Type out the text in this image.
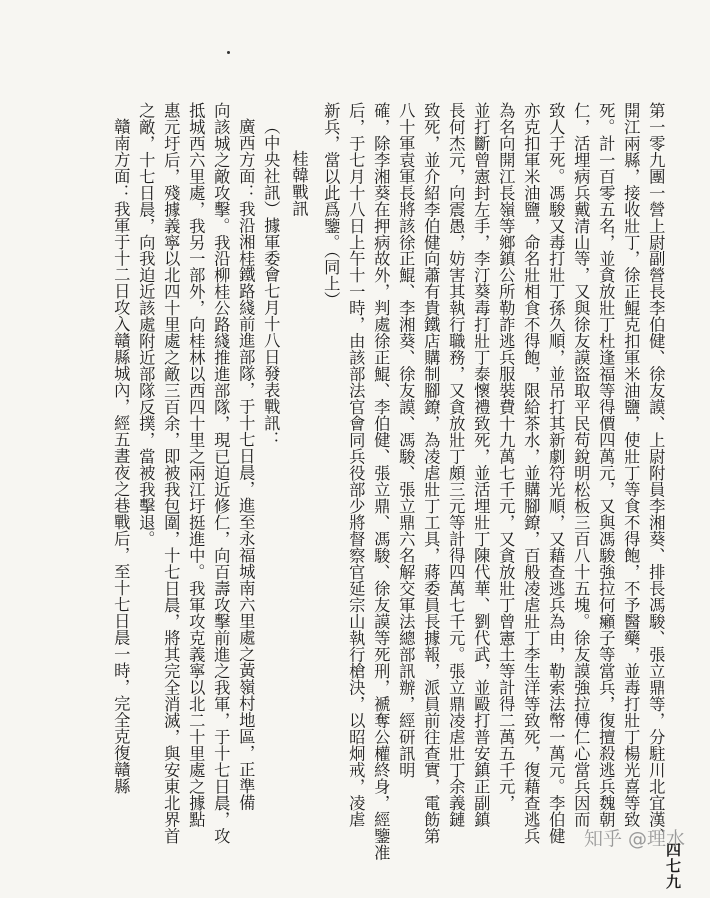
第一零九團一營上尉副營長李伯健、徐友謨、上尉附員李湘葵、排長馮駿、張立鼎等，分駐川北宜漢、
開江兩縣，接收壯丁，徐正鯤克扣軍米油鹽，使壯丁等食不得飽，不予醫藥，並毒打壯丁楊光喜等致
死。計一百零五名，並貪放壯丁杜逢福等得價四萬元，又與馮駿強拉何癩子等當兵，復擅殺逃兵魏朝
仁，活埋病兵戴清山等，又與徐友謨盜取平民苟銳明松板三百八十五塊。徐友謨強拉傅仁心當兵因而
致人于死。馮駿又毒打壯丁孫久順，並吊打其新劇符光順，又藉查逃兵為由，勒索法幣一萬元。李伯健
亦克扣軍米油鹽，命名壯相食不得飽，限給茶水，並購腳鐐，百般凌虐壯丁李生洋等致死，復藉查逃兵
為名向開江長嶺等鄉鎮公所勒詐逃兵服裝費十九萬七千元，又貪放壯丁曾憲土等計得二萬五千元，
並打斷曾憲封左手，李汀葵毒打壯丁泰懷禮致死，並活埋壯丁陳代華、劉代武，並毆打普安鎮正副鎮
長何杰元，向震愚，妨害其執行職務，又貪放壯丁頗三元等計得四萬七千元。張立鼎凌虐壯丁余義鏈
致死，並介紹李伯健向蕭有貴鐵店購制腳鐐，為凌虐壯丁工具，蔣委員長據報，派員前往查實，電飭第
八十軍袁軍長將該徐正鯤、李湘葵、徐友謨、馮駿、張立鼎六名解交軍法總部訊辦，經研訊明
確，除李湘葵在押病故外，判處徐正鯤、李伯健、張立鼎、馮駿、徐友謨等死刑，褫奪公權終身，經鑒准
后，于七月十八日上午十一時，由該部法官會同兵役部少將督察官延宗山執行槍決，以昭炯戒，凌虐
新兵，當以此爲鑒。（同上）
桂韓戰訊
（中央社訊）據軍委會七月十八日發表戰訊：
廣西方面：我沿湘桂鐵路綫前進部隊，于十七日晨，進至永福城南六里處之黃嶺村地區，正準備
向該城之敵攻擊。我沿柳桂公路綫推進部隊，現已迫近修仁，向百壽攻擊前進之我軍，于十七日晨，攻
抵城西六里處，我另一部外，向桂林以西四十里之兩江圩挺進中。我軍攻克義寧以北二十里處之據點
惠元圩后，殘據義寧以北四十里處之敵三百余，即被我包圍，十七日晨，將其完全消滅，與安東北界首
之敵，十七日晨，向我迫近該處附近部隊反撲，當被我擊退。
贛南方面：我軍于十二日攻入贛縣城內，經五晝夜之巷戰后，至十七日晨一時，完全克復贛縣
四七九
知乎 @理水
